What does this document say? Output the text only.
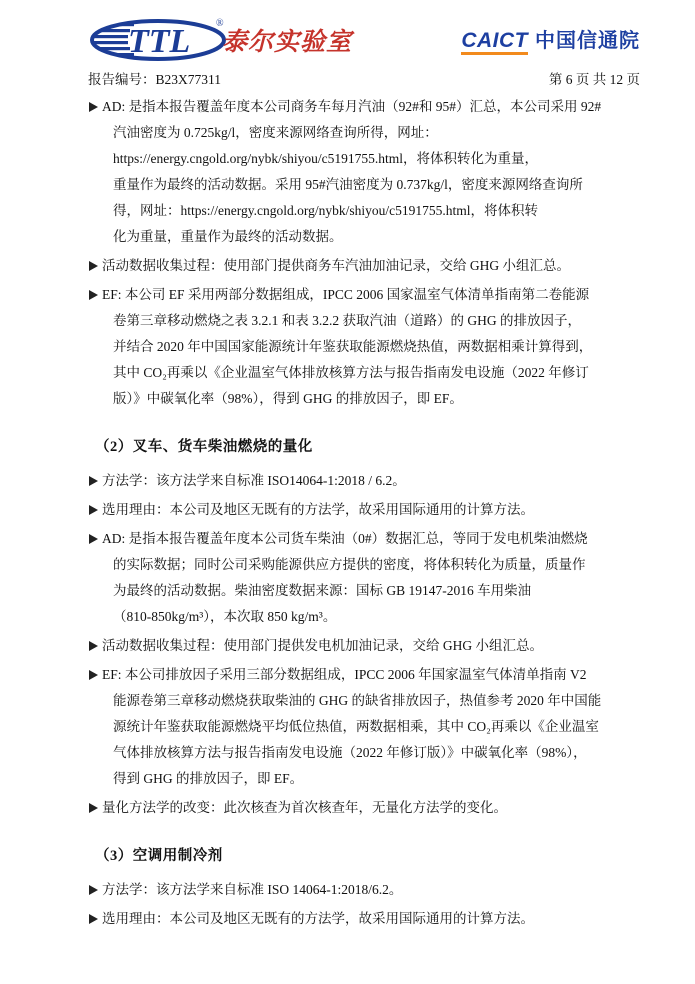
TTL	®
泰尔实验室	CAICT 中国信通院
报告编号：B23X77311	第 6 页 共 12 页
AD: 是指本报告覆盖年度本公司商务车每月汽油（92#和 95#）汇总，本公司采用 92#
汽油密度为 0.725kg/l，密度来源网络查询所得，网址：
https://energy.cngold.org/nybk/shiyou/c5191755.html，将体积转化为重量，
重量作为最终的活动数据。采用 95#汽油密度为 0.737kg/l，密度来源网络查询所
得，网址：https://energy.cngold.org/nybk/shiyou/c5191755.html，将体积转
化为重量，重量作为最终的活动数据。
活动数据收集过程：使用部门提供商务车汽油加油记录，交给 GHG 小组汇总。
EF: 本公司 EF 采用两部分数据组成，IPCC 2006 国家温室气体清单指南第二卷能源
卷第三章移动燃烧之表 3.2.1 和表 3.2.2 获取汽油（道路）的 GHG 的排放因子，
并结合 2020 年中国国家能源统计年鉴获取能源燃烧热值，两数据相乘计算得到，
其中 CO₂再乘以《企业温室气体排放核算方法与报告指南发电设施（2022 年修订
版）》中碳氧化率（98%），得到 GHG 的排放因子，即 EF。
（2）叉车、货车柴油燃烧的量化
方法学：该方法学来自标准 ISO14064-1:2018 / 6.2。
选用理由：本公司及地区无既有的方法学，故采用国际通用的计算方法。
AD: 是指本报告覆盖年度本公司货车柴油（0#）数据汇总，等同于发电机柴油燃烧
的实际数据；同时公司采购能源供应方提供的密度，将体积转化为质量，质量作
为最终的活动数据。柴油密度数据来源：国标 GB 19147-2016 车用柴油
（810-850kg/m³），本次取 850 kg/m³。
活动数据收集过程：使用部门提供发电机加油记录，交给 GHG 小组汇总。
EF: 本公司排放因子采用三部分数据组成，IPCC 2006 年国家温室气体清单指南 V2
能源卷第三章移动燃烧获取柴油的 GHG 的缺省排放因子，热值参考 2020 年中国能
源统计年鉴获取能源燃烧平均低位热值，两数据相乘，其中 CO₂再乘以《企业温室
气体排放核算方法与报告指南发电设施（2022 年修订版）》中碳氧化率（98%），
得到 GHG 的排放因子，即 EF。
量化方法学的改变：此次核查为首次核查年，无量化方法学的变化。
（3）空调用制冷剂
方法学：该方法学来自标准 ISO 14064-1:2018/6.2。
选用理由：本公司及地区无既有的方法学，故采用国际通用的计算方法。
